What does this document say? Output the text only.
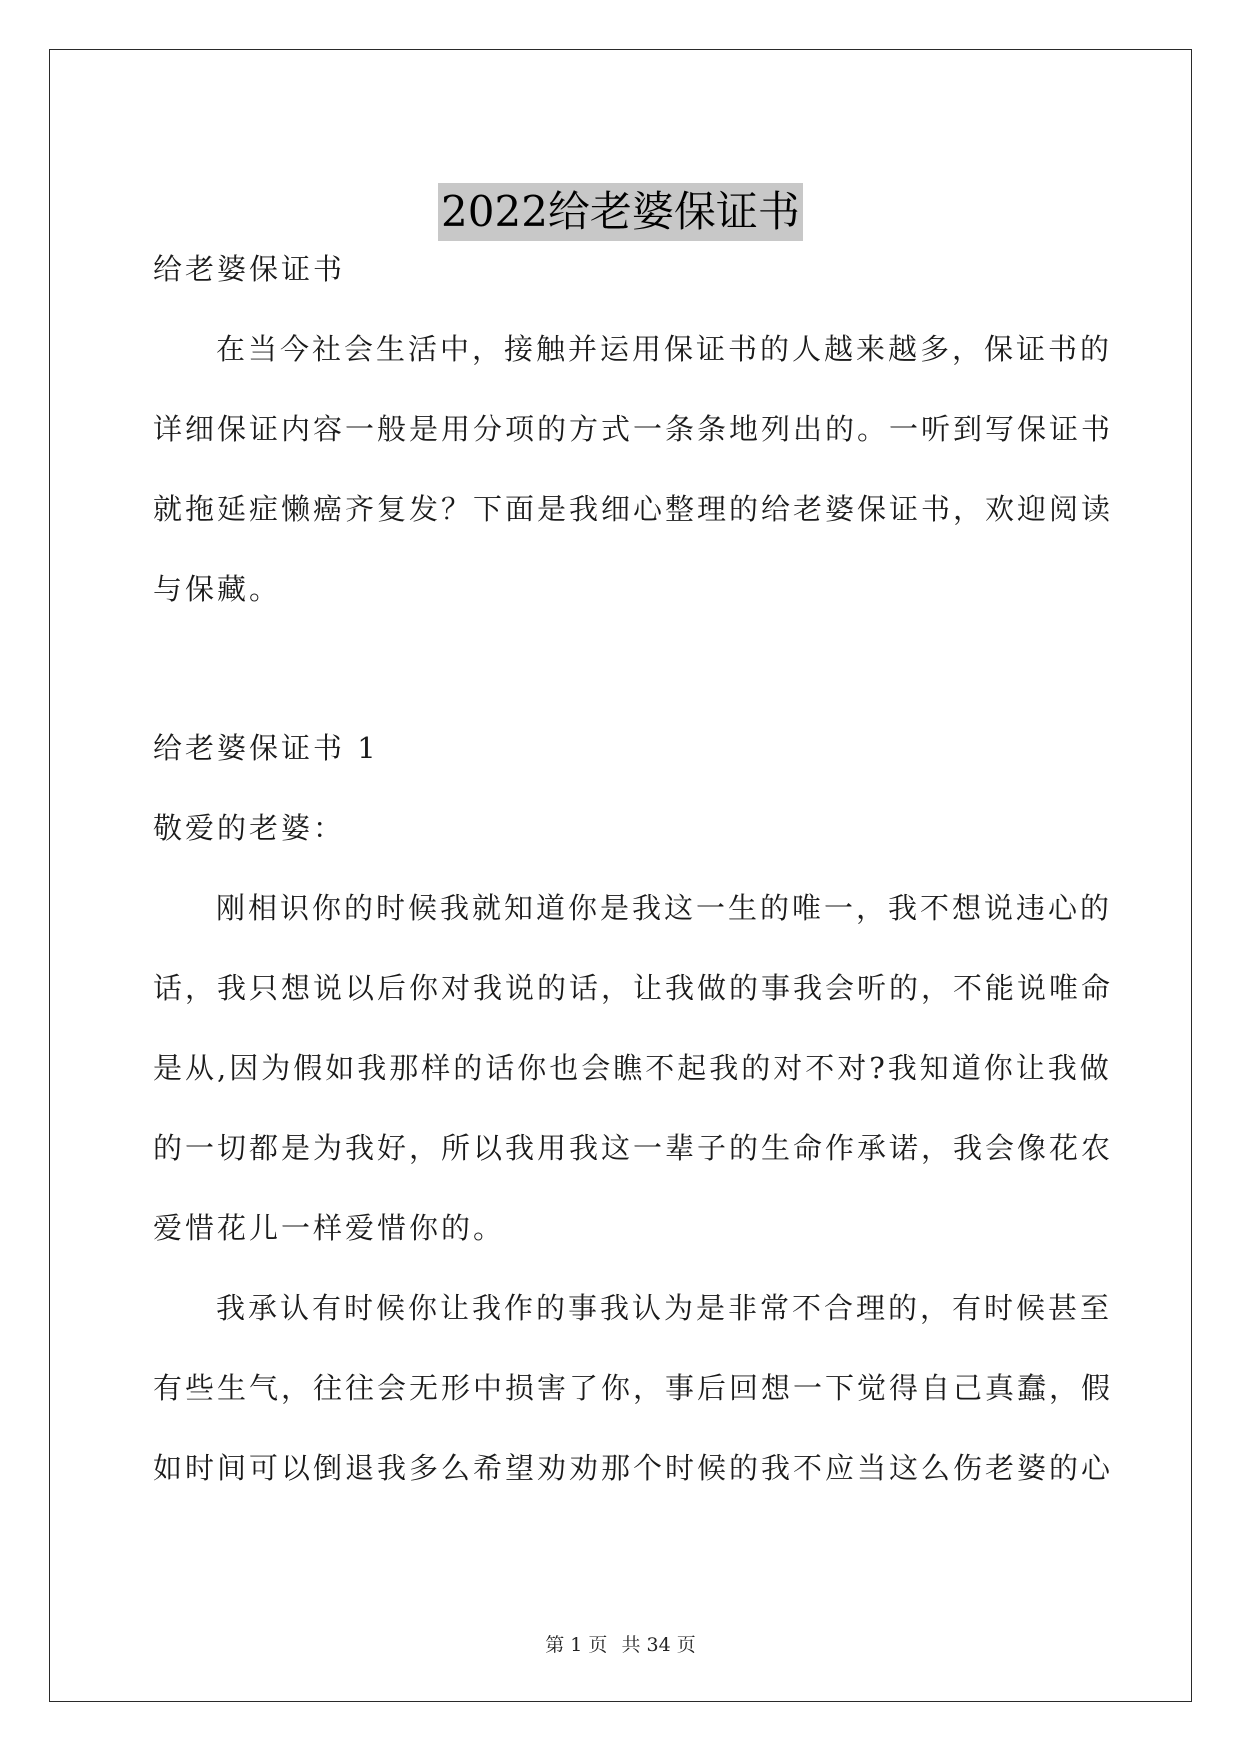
2022给老婆保证书
给老婆保证书
在当今社会生活中，接触并运用保证书的人越来越多，保证书的
详细保证内容一般是用分项的方式一条条地列出的。一听到写保证书
就拖延症懒癌齐复发？下面是我细心整理的给老婆保证书，欢迎阅读
与保藏。
给老婆保证书 1
敬爱的老婆：
刚相识你的时候我就知道你是我这一生的唯一，我不想说违心的
话，我只想说以后你对我说的话，让我做的事我会听的，不能说唯命
是从,因为假如我那样的话你也会瞧不起我的对不对?我知道你让我做
的一切都是为我好，所以我用我这一辈子的生命作承诺，我会像花农
爱惜花儿一样爱惜你的。
我承认有时候你让我作的事我认为是非常不合理的，有时候甚至
有些生气，往往会无形中损害了你，事后回想一下觉得自己真蠢，假
如时间可以倒退我多么希望劝劝那个时候的我不应当这么伤老婆的心
第 1 页 共 34 页
